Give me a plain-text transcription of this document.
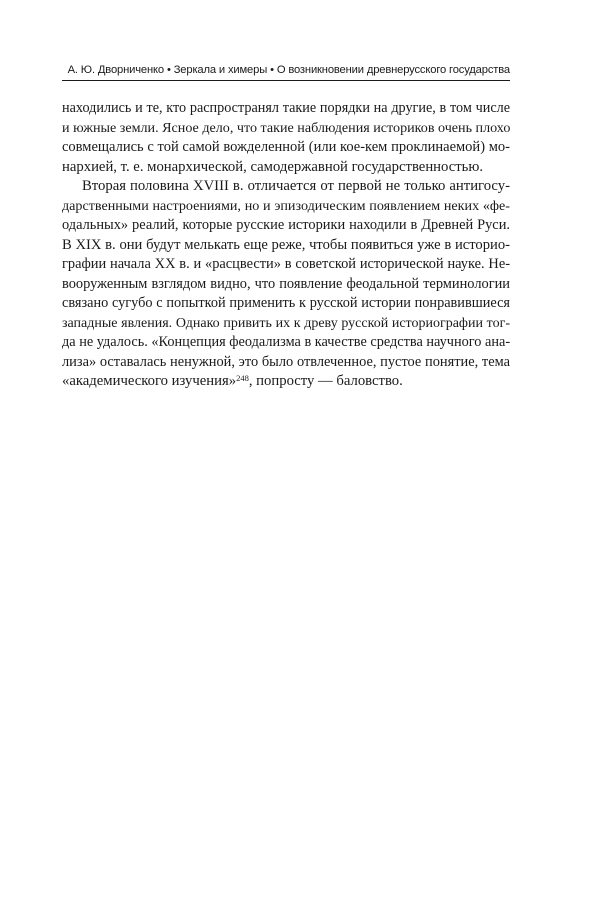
А. Ю. Дворниченко • Зеркала и химеры • О возникновении древнерусского государства
находились и те, кто распространял такие порядки на другие, в том числе
и южные земли. Ясное дело, что такие наблюдения историков очень плохо
совмещались с той самой вожделенной (или кое-кем проклинаемой) мо-
нархией, т. е. монархической, самодержавной государственностью.
Вторая половина XVIII в. отличается от первой не только антигосу-
дарственными настроениями, но и эпизодическим появлением неких «фе-
одальных» реалий, которые русские историки находили в Древней Руси.
В XIX в. они будут мелькать еще реже, чтобы появиться уже в историо-
графии начала XX в. и «расцвести» в советской исторической науке. Не-
вооруженным взглядом видно, что появление феодальной терминологии
связано сугубо с попыткой применить к русской истории понравившиеся
западные явления. Однако привить их к древу русской историографии тог-
да не удалось. «Концепция феодализма в качестве средства научного ана-
лиза» оставалась ненужной, это было отвлеченное, пустое понятие, тема
«академического изучения»$^{248}$, попросту — баловство.
